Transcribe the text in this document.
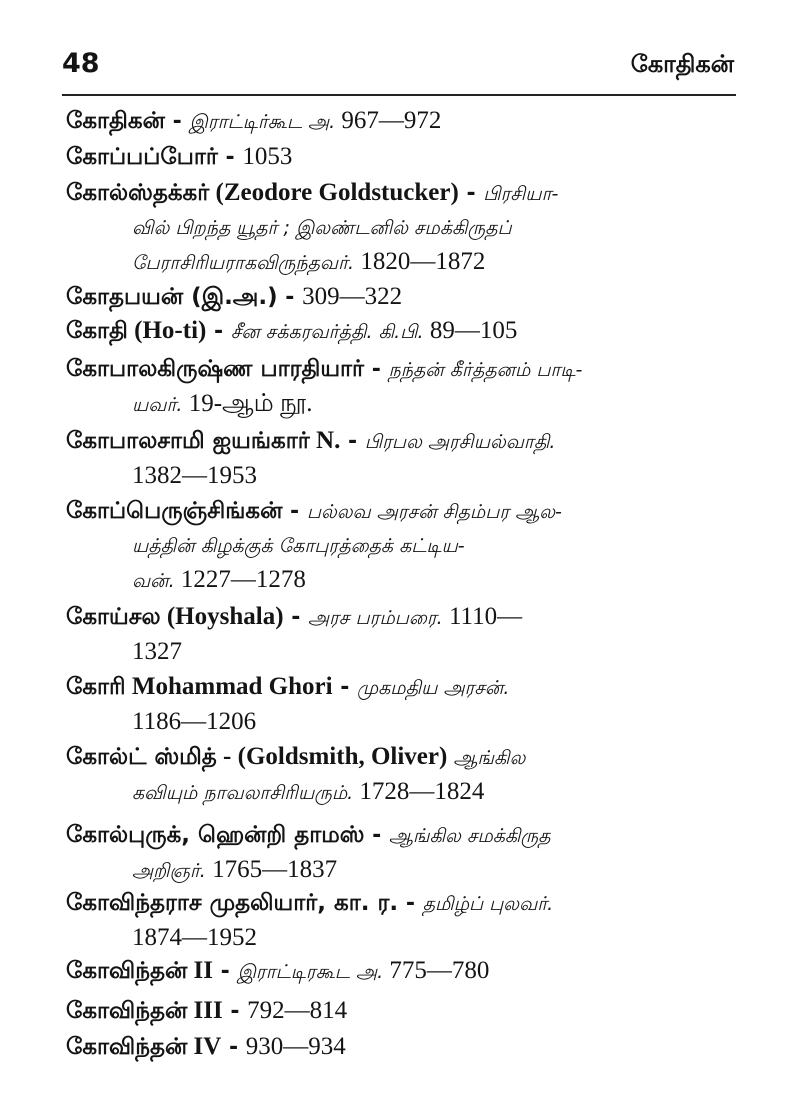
48	கோதிகன்
கோதிகன் - இராட்டிர்கூட அ. 967—972
கோப்பப்போர் - 1053
கோல்ஸ்தக்கர் (Zeodore Goldstucker) - பிரசியா-
வில் பிறந்த யூதர் ; இலண்டனில் சமக்கிருதப்
பேராசிரியராகவிருந்தவர். 1820—1872
கோதபயன் (இ.அ.) - 309—322
கோதி (Ho-ti) - சீன சக்கரவர்த்தி. கி.பி. 89—105
கோபாலகிருஷ்ண பாரதியார் - நந்தன் கீர்த்தனம் பாடி-
யவர். 19-ஆம் நூ.
கோபாலசாமி ஐயங்கார் N. - பிரபல அரசியல்வாதி.
1382—1953
கோப்பெருஞ்சிங்கன் - பல்லவ அரசன் சிதம்பர ஆல-
யத்தின் கிழக்குக் கோபுரத்தைக் கட்டிய-
வன். 1227—1278
கோய்சல (Hoyshala) - அரச பரம்பரை. 1110—
1327
கோரி Mohammad Ghori - முகமதிய அரசன்.
1186—1206
கோல்ட் ஸ்மித் - (Goldsmith, Oliver) ஆங்கில
கவியும் நாவலாசிரியரும். 1728—1824
கோல்புருக், ஹென்றி தாமஸ் - ஆங்கில சமக்கிருத
அறிஞர். 1765—1837
கோவிந்தராச முதலியார், கா. ர. - தமிழ்ப் புலவர்.
1874—1952
கோவிந்தன் II - இராட்டிரகூட அ. 775—780
கோவிந்தன் III - 792—814
கோவிந்தன் IV - 930—934
